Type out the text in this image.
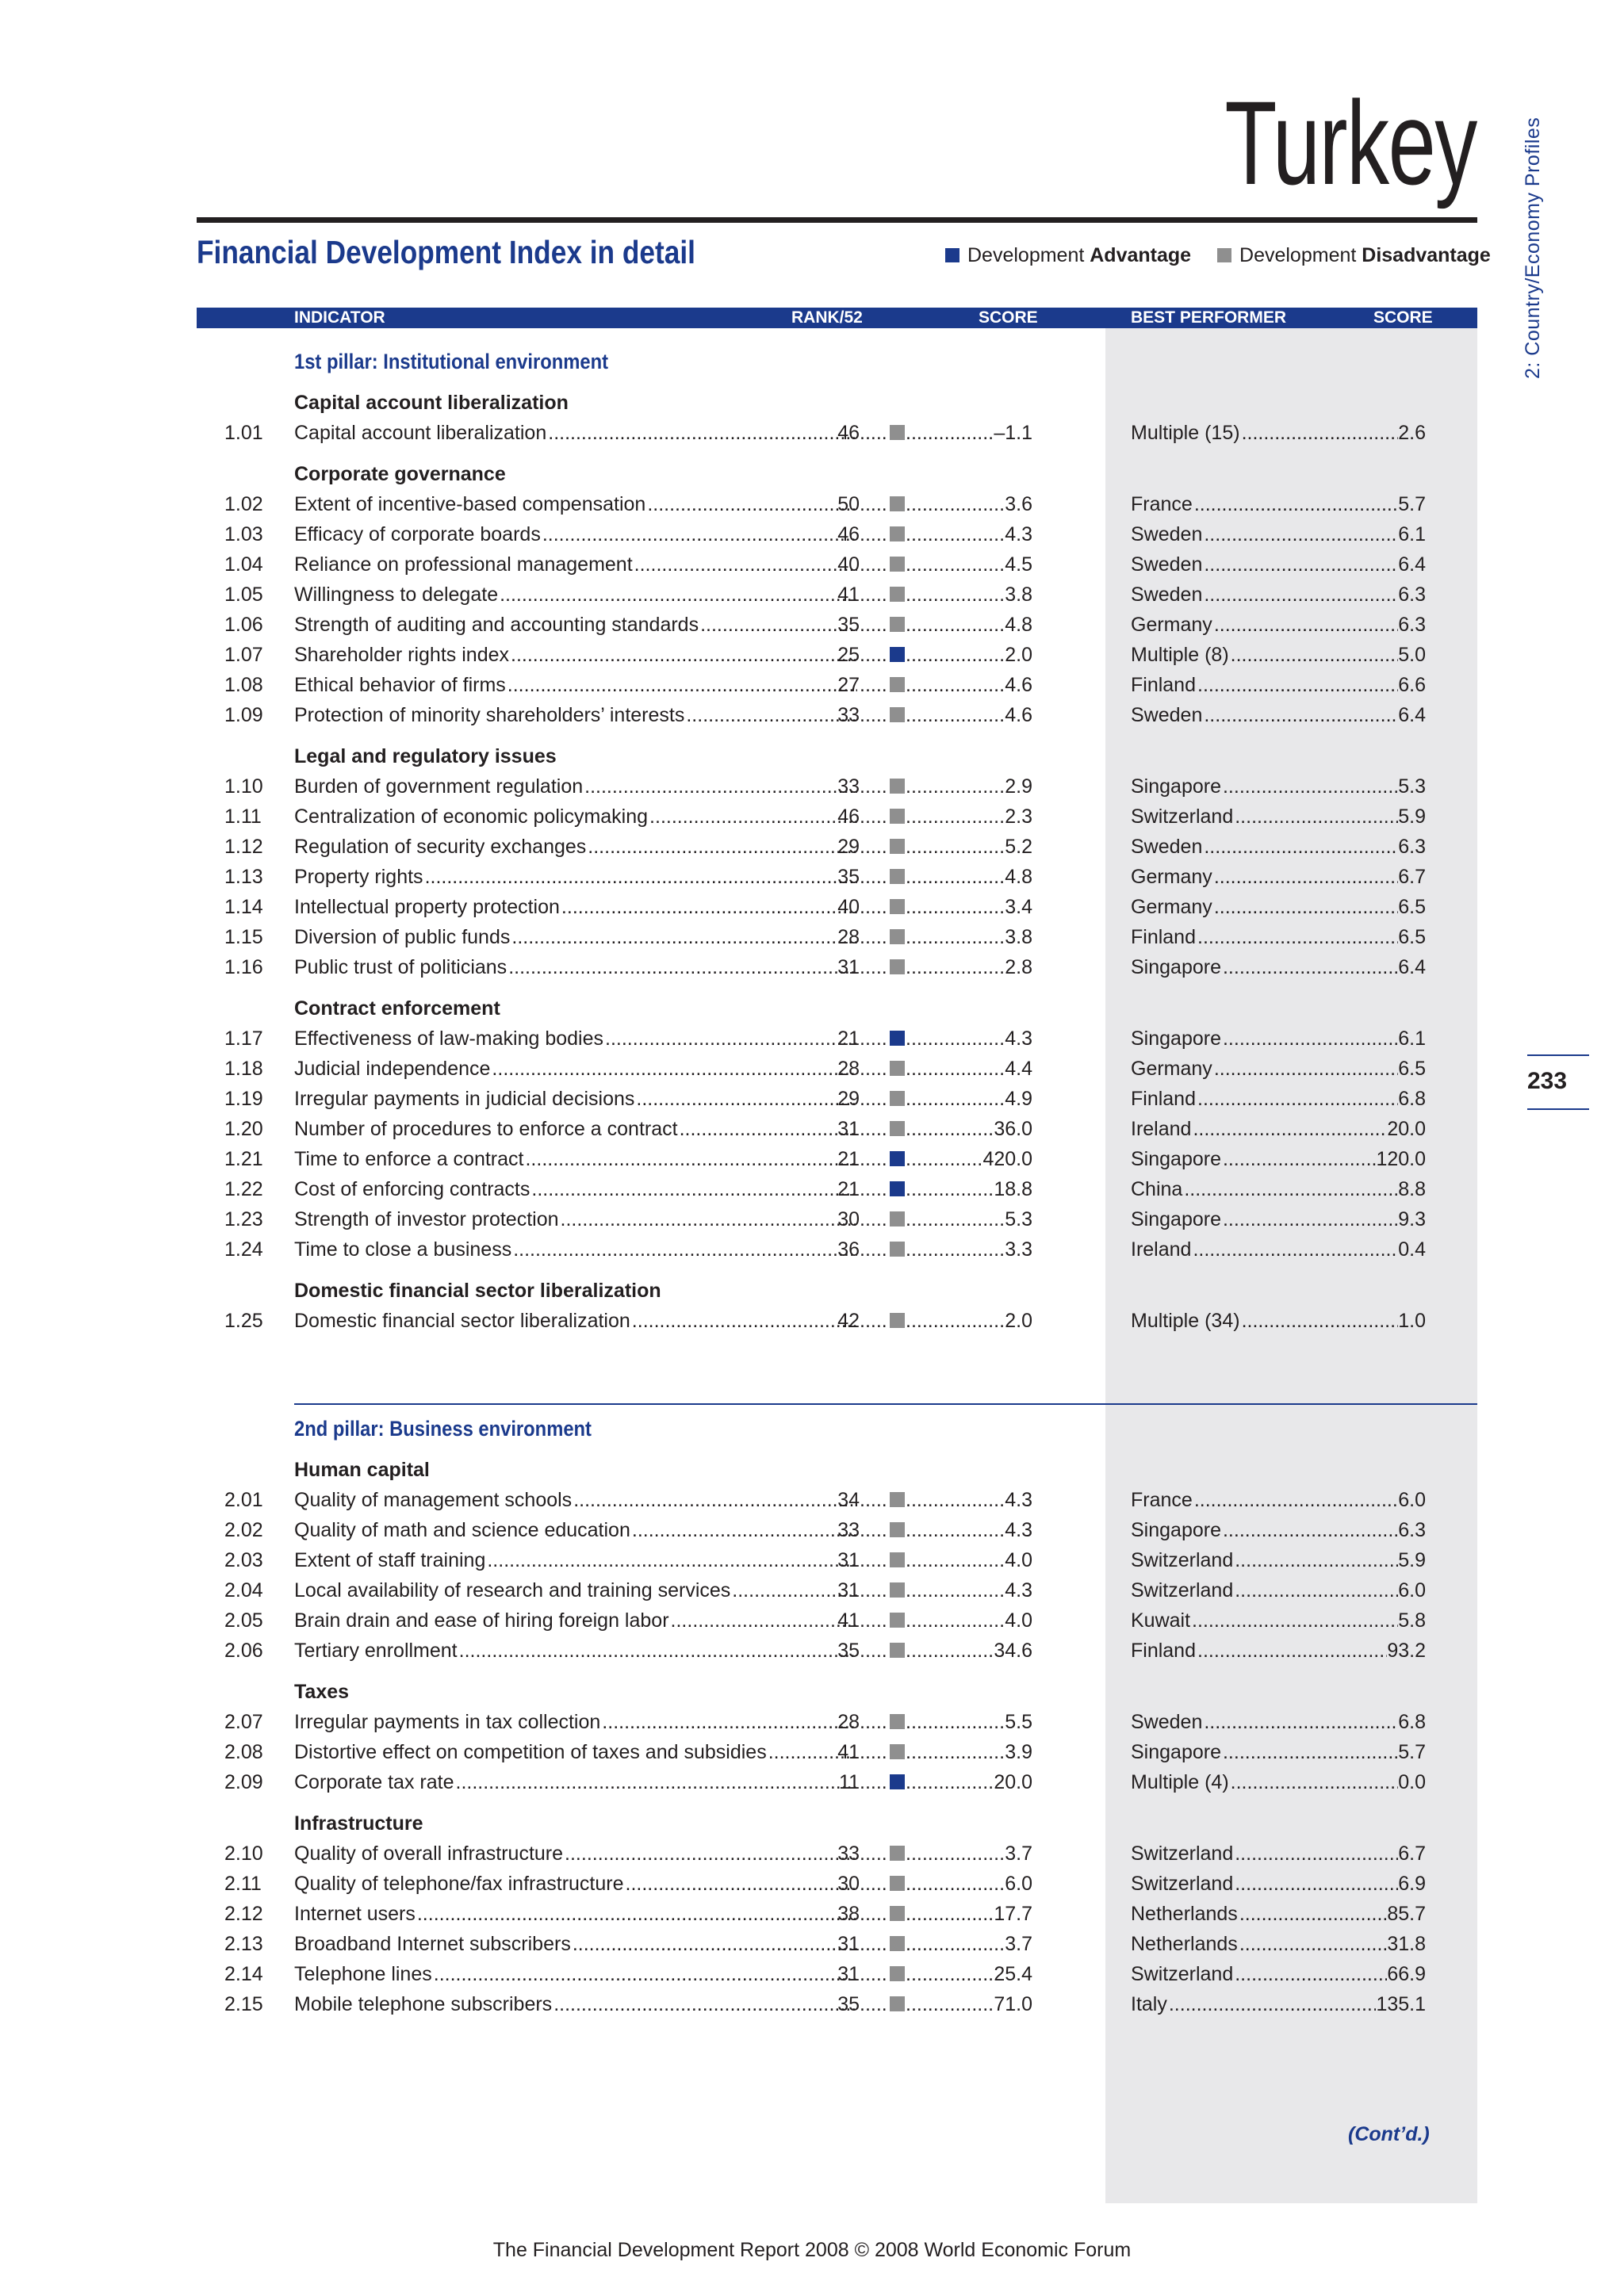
Turkey
Financial Development Index in detail	Development Advantage Development Disadvantage	2: Country/Economy Profiles
233
INDICATOR	RANK/52	SCORE	BEST PERFORMER	SCORE
1st pillar: Institutional environment
Capital account liberalization
1.01	Capital account liberalization .....	46 ..... .....	–1.1	Multiple (15) .....	2.6
Corporate governance
1.02	Extent of incentive-based compensation .....	50 ..... .....	3.6	France .....	5.7
1.03	Efficacy of corporate boards .....	46 ..... .....	4.3	Sweden .....	6.1
1.04	Reliance on professional management .....	40 ..... .....	4.5	Sweden .....	6.4
1.05	Willingness to delegate .....	41 ..... .....	3.8	Sweden .....	6.3
1.06	Strength of auditing and accounting standards .....	35 ..... .....	4.8	Germany .....	6.3
1.07	Shareholder rights index .....	25 ..... .....	2.0	Multiple (8) .....	5.0
1.08	Ethical behavior of firms .....	27 ..... .....	4.6	Finland .....	6.6
1.09	Protection of minority shareholders’ interests .....	33 ..... .....	4.6	Sweden .....	6.4
Legal and regulatory issues
1.10	Burden of government regulation .....	33 ..... .....	2.9	Singapore .....	5.3
1.11	Centralization of economic policymaking .....	46 ..... .....	2.3	Switzerland .....	5.9
1.12	Regulation of security exchanges .....	29 ..... .....	5.2	Sweden .....	6.3
1.13	Property rights .....	35 ..... .....	4.8	Germany .....	6.7
1.14	Intellectual property protection .....	40 ..... .....	3.4	Germany .....	6.5
1.15	Diversion of public funds .....	28 ..... .....	3.8	Finland .....	6.5
1.16	Public trust of politicians .....	31 ..... .....	2.8	Singapore .....	6.4
Contract enforcement
1.17	Effectiveness of law-making bodies .....	21 ..... .....	4.3	Singapore .....	6.1
1.18	Judicial independence .....	28 ..... .....	4.4	Germany .....	6.5
1.19	Irregular payments in judicial decisions .....	29 ..... .....	4.9	Finland .....	6.8
1.20	Number of procedures to enforce a contract .....	31 ..... .....	36.0	Ireland .....	20.0
1.21	Time to enforce a contract .....	21 ..... .....	420.0	Singapore .....	120.0
1.22	Cost of enforcing contracts .....	21 ..... .....	18.8	China .....	8.8
1.23	Strength of investor protection .....	30 ..... .....	5.3	Singapore .....	9.3
1.24	Time to close a business .....	36 ..... .....	3.3	Ireland .....	0.4
Domestic financial sector liberalization
1.25	Domestic financial sector liberalization .....	42 ..... .....	2.0	Multiple (34) .....	1.0
2nd pillar: Business environment
Human capital
2.01	Quality of management schools .....	34 ..... .....	4.3	France .....	6.0
2.02	Quality of math and science education .....	33 ..... .....	4.3	Singapore .....	6.3
2.03	Extent of staff training .....	31 ..... .....	4.0	Switzerland .....	5.9
2.04	Local availability of research and training services .....	31 ..... .....	4.3	Switzerland .....	6.0
2.05	Brain drain and ease of hiring foreign labor .....	41 ..... .....	4.0	Kuwait .....	5.8
2.06	Tertiary enrollment .....	35 ..... .....	34.6	Finland .....	93.2
Taxes
2.07	Irregular payments in tax collection .....	28 ..... .....	5.5	Sweden .....	6.8
2.08	Distortive effect on competition of taxes and subsidies .....	41 ..... .....	3.9	Singapore .....	5.7
2.09	Corporate tax rate .....	11 ..... .....	20.0	Multiple (4) .....	0.0
Infrastructure
2.10	Quality of overall infrastructure .....	33 ..... .....	3.7	Switzerland .....	6.7
2.11	Quality of telephone/fax infrastructure .....	30 ..... .....	6.0	Switzerland .....	6.9
2.12	Internet users .....	38 ..... .....	17.7	Netherlands .....	85.7
2.13	Broadband Internet subscribers .....	31 ..... .....	3.7	Netherlands .....	31.8
2.14	Telephone lines .....	31 ..... .....	25.4	Switzerland .....	66.9
2.15	Mobile telephone subscribers .....	35 ..... .....	71.0	Italy .....	135.1
(Cont’d.)
The Financial Development Report 2008 © 2008 World Economic Forum
